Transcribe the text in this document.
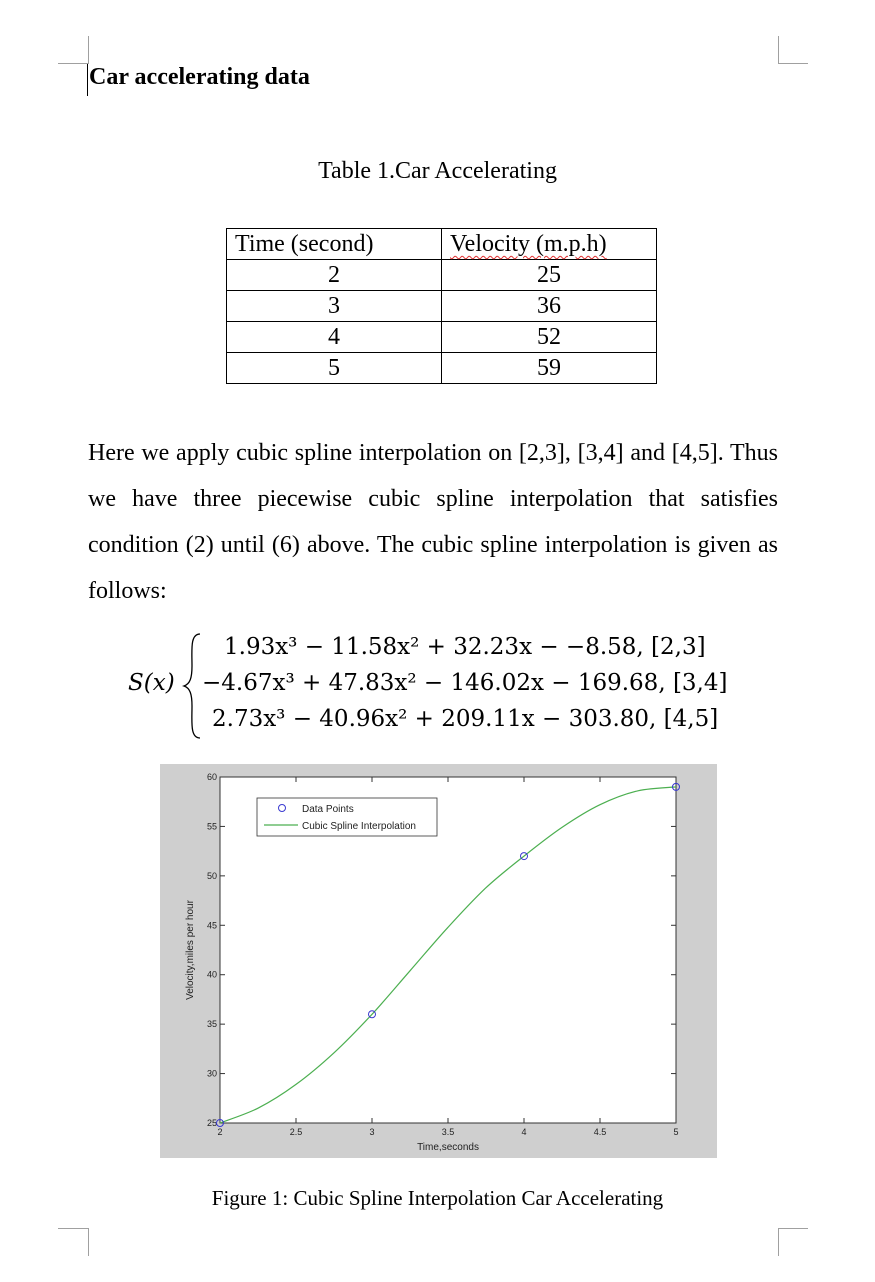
Car accelerating data

Table 1.Car Accelerating

Time (second)	Velocity (m.p.h)
2	25
3	36
4	52
5	59

Here we apply cubic spline interpolation on [2,3], [3,4] and [4,5]. Thus we have three piecewise cubic spline interpolation that satisfies condition (2) until (6) above. The cubic spline interpolation is given as follows:

S(x)
1.93x³ − 11.58x² + 32.23x − −8.58, [2,3]
−4.67x³ + 47.83x² − 146.02x − 169.68, [3,4]
2.73x³ − 40.96x² + 209.11x − 303.80, [4,5]
25
30
35
40
45
50
55
60
2	2.5	3	3.5	4	4.5	5
Time,seconds
Velocity,miles per hour
Data Points
Cubic Spline Interpolation

Figure 1: Cubic Spline Interpolation Car Accelerating
